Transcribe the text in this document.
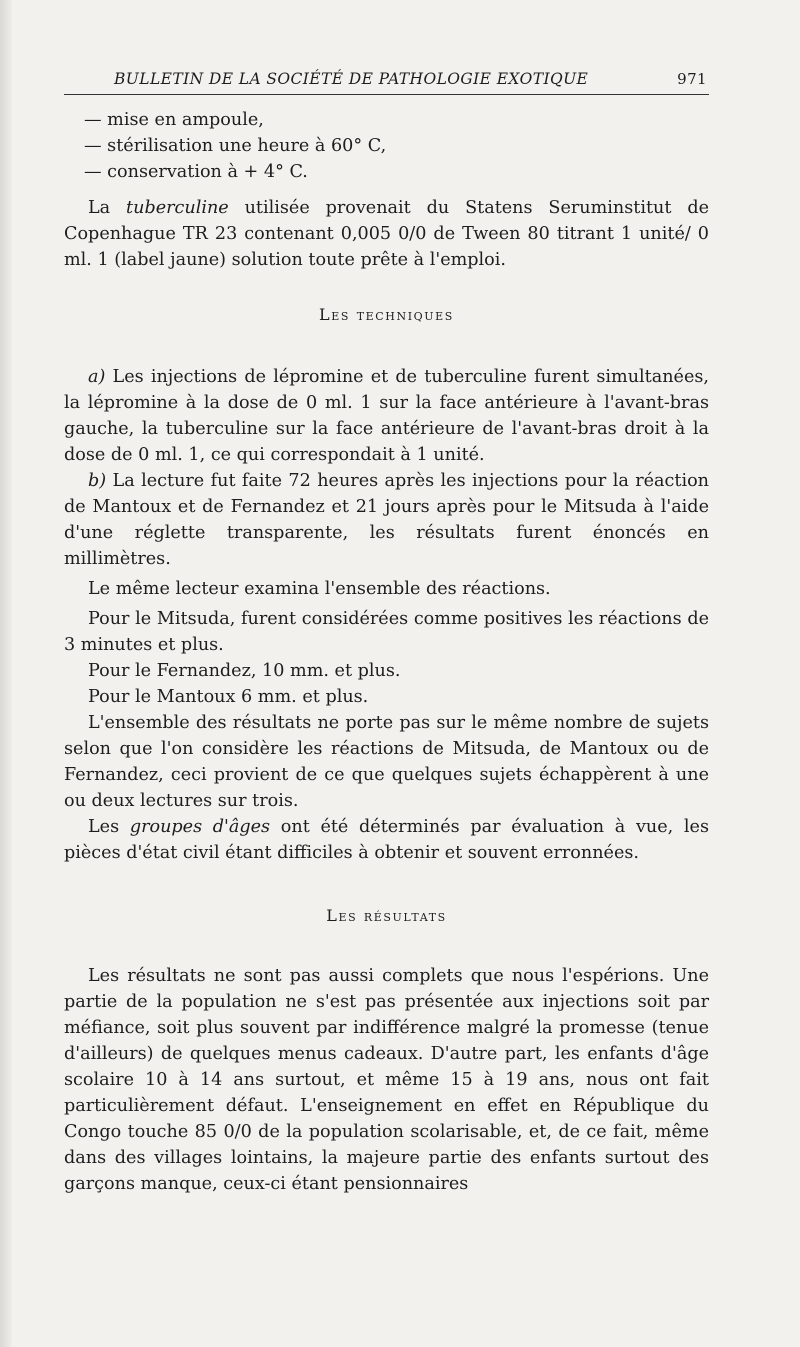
BULLETIN DE LA SOCIÉTÉ DE PATHOLOGIE EXOTIQUE	971
— mise en ampoule,
— stérilisation une heure à 60° C,
— conservation à + 4° C.

La tuberculine utilisée provenait du Statens Seruminstitut de Copenhague TR 23 contenant 0,005 0/0 de Tween 80 titrant 1 unité/ 0 ml. 1 (label jaune) solution toute prête à l'emploi.

Les techniques

a) Les injections de lépromine et de tuberculine furent simultanées, la lépromine à la dose de 0 ml. 1 sur la face antérieure à l'avant-bras gauche, la tuberculine sur la face antérieure de l'avant-bras droit à la dose de 0 ml. 1, ce qui correspondait à 1 unité.

b) La lecture fut faite 72 heures après les injections pour la réaction de Mantoux et de Fernandez et 21 jours après pour le Mitsuda à l'aide d'une réglette transparente, les résultats furent énoncés en millimètres.

Le même lecteur examina l'ensemble des réactions.

Pour le Mitsuda, furent considérées comme positives les réactions de 3 minutes et plus.

Pour le Fernandez, 10 mm. et plus.

Pour le Mantoux 6 mm. et plus.

L'ensemble des résultats ne porte pas sur le même nombre de sujets selon que l'on considère les réactions de Mitsuda, de Mantoux ou de Fernandez, ceci provient de ce que quelques sujets échappèrent à une ou deux lectures sur trois.

Les groupes d'âges ont été déterminés par évaluation à vue, les pièces d'état civil étant difficiles à obtenir et souvent erronnées.

Les résultats

Les résultats ne sont pas aussi complets que nous l'espérions. Une partie de la population ne s'est pas présentée aux injections soit par méfiance, soit plus souvent par indifférence malgré la promesse (tenue d'ailleurs) de quelques menus cadeaux. D'autre part, les enfants d'âge scolaire 10 à 14 ans surtout, et même 15 à 19 ans, nous ont fait particulièrement défaut. L'enseignement en effet en République du Congo touche 85 0/0 de la population scolarisable, et, de ce fait, même dans des villages lointains, la majeure partie des enfants surtout des garçons manque, ceux-ci étant pensionnaires
